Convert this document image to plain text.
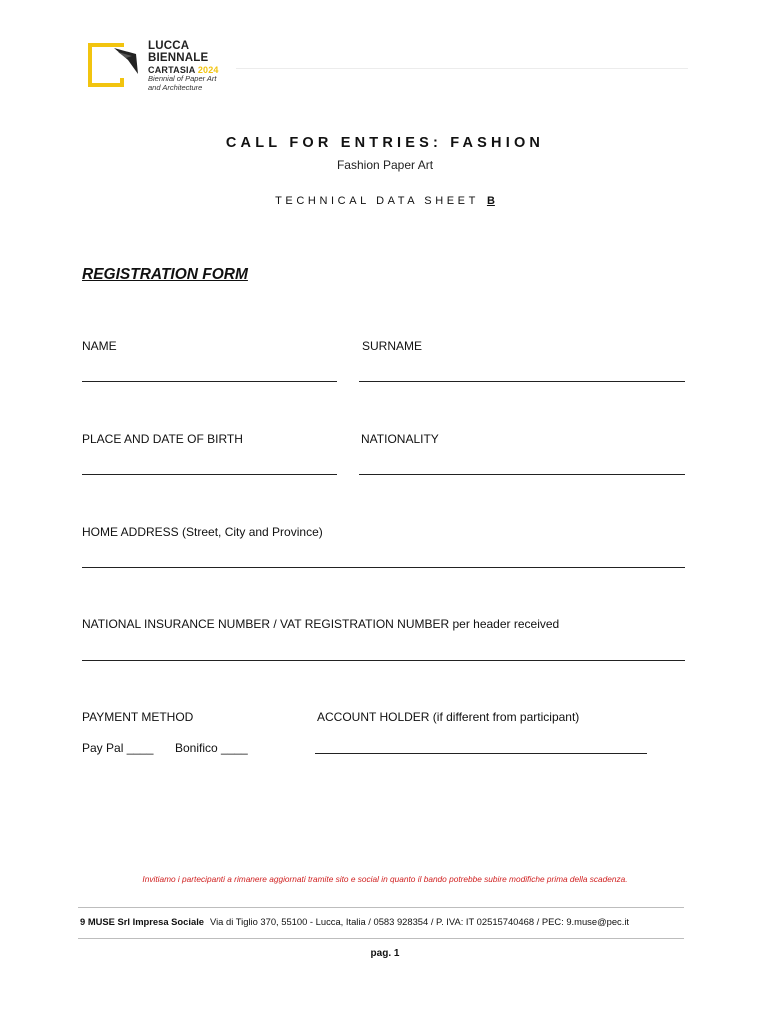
LUCCA
BIENNALE
CARTASIA 2024
Biennial of Paper Art
and Architecture
CALL FOR ENTRIES: FASHION
Fashion Paper Art
TECHNICAL DATA SHEET B
REGISTRATION FORM
NAME	SURNAME
PLACE AND DATE OF BIRTH	NATIONALITY
HOME ADDRESS (Street, City and Province)
NATIONAL INSURANCE NUMBER / VAT REGISTRATION NUMBER per header received
PAYMENT METHOD	ACCOUNT HOLDER (if different from participant)
Pay Pal ____ Bonifico ____
Invitiamo i partecipanti a rimanere aggiornati tramite sito e social in quanto il bando potrebbe subire modifiche prima della scadenza.
9 MUSE Srl Impresa Sociale Via di Tiglio 370, 55100 - Lucca, Italia / 0583 928354 / P. IVA: IT 02515740468 / PEC: 9.muse@pec.it
pag. 1
